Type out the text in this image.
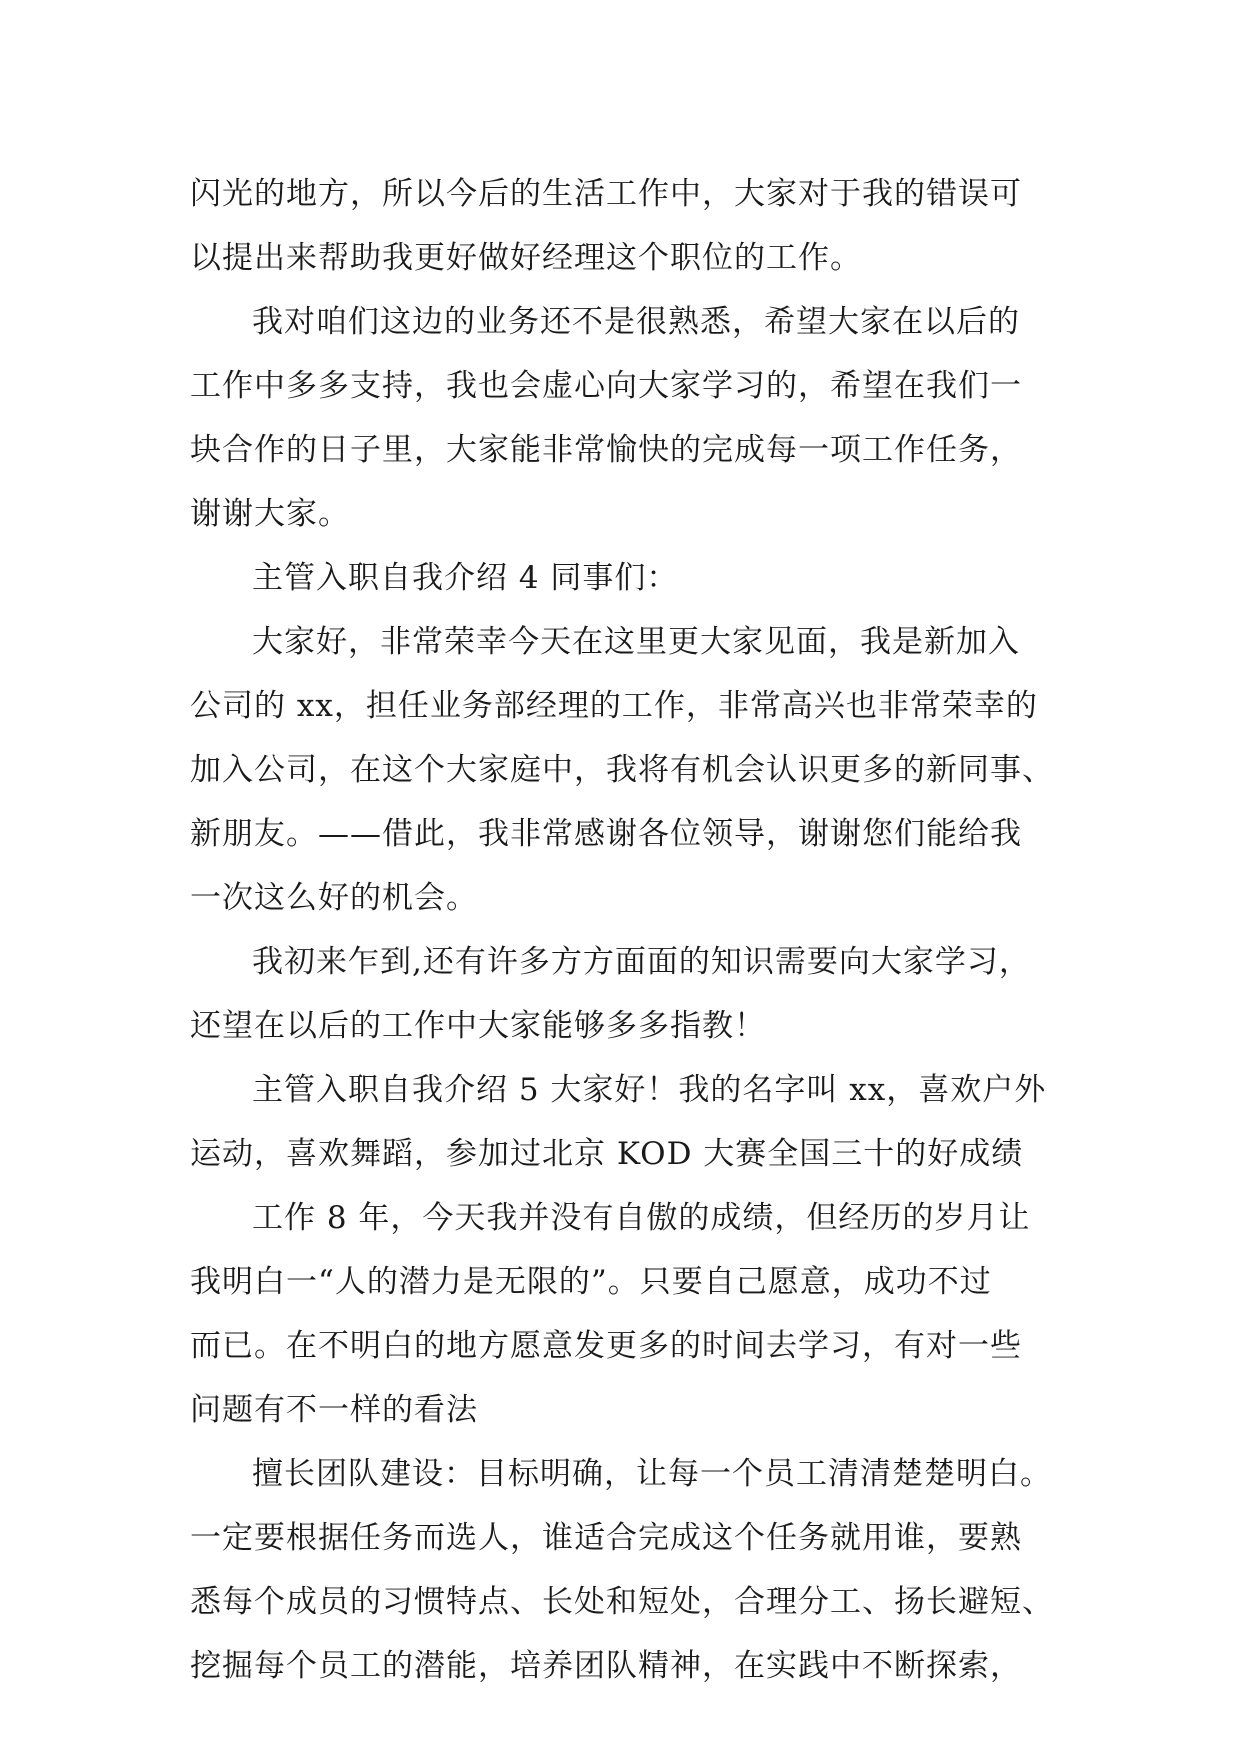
闪光的地方，所以今后的生活工作中，大家对于我的错误可
以提出来帮助我更好做好经理这个职位的工作。
我对咱们这边的业务还不是很熟悉，希望大家在以后的
工作中多多支持，我也会虚心向大家学习的，希望在我们一
块合作的日子里，大家能非常愉快的完成每一项工作任务，
谢谢大家。
主管入职自我介绍 4 同事们：
大家好，非常荣幸今天在这里更大家见面，我是新加入
公司的 xx，担任业务部经理的工作，非常高兴也非常荣幸的
加入公司，在这个大家庭中，我将有机会认识更多的新同事、
新朋友。——借此，我非常感谢各位领导，谢谢您们能给我
一次这么好的机会。
我初来乍到,还有许多方方面面的知识需要向大家学习，
还望在以后的工作中大家能够多多指教！
主管入职自我介绍 5 大家好！我的名字叫 xx，喜欢户外
运动，喜欢舞蹈，参加过北京 KOD 大赛全国三十的好成绩
工作 8 年，今天我并没有自傲的成绩，但经历的岁月让
我明白一“人的潜力是无限的”。只要自己愿意，成功不过
而已。在不明白的地方愿意发更多的时间去学习，有对一些
问题有不一样的看法
擅长团队建设：目标明确，让每一个员工清清楚楚明白。
一定要根据任务而选人，谁适合完成这个任务就用谁，要熟
悉每个成员的习惯特点、长处和短处，合理分工、扬长避短、
挖掘每个员工的潜能，培养团队精神，在实践中不断探索，
